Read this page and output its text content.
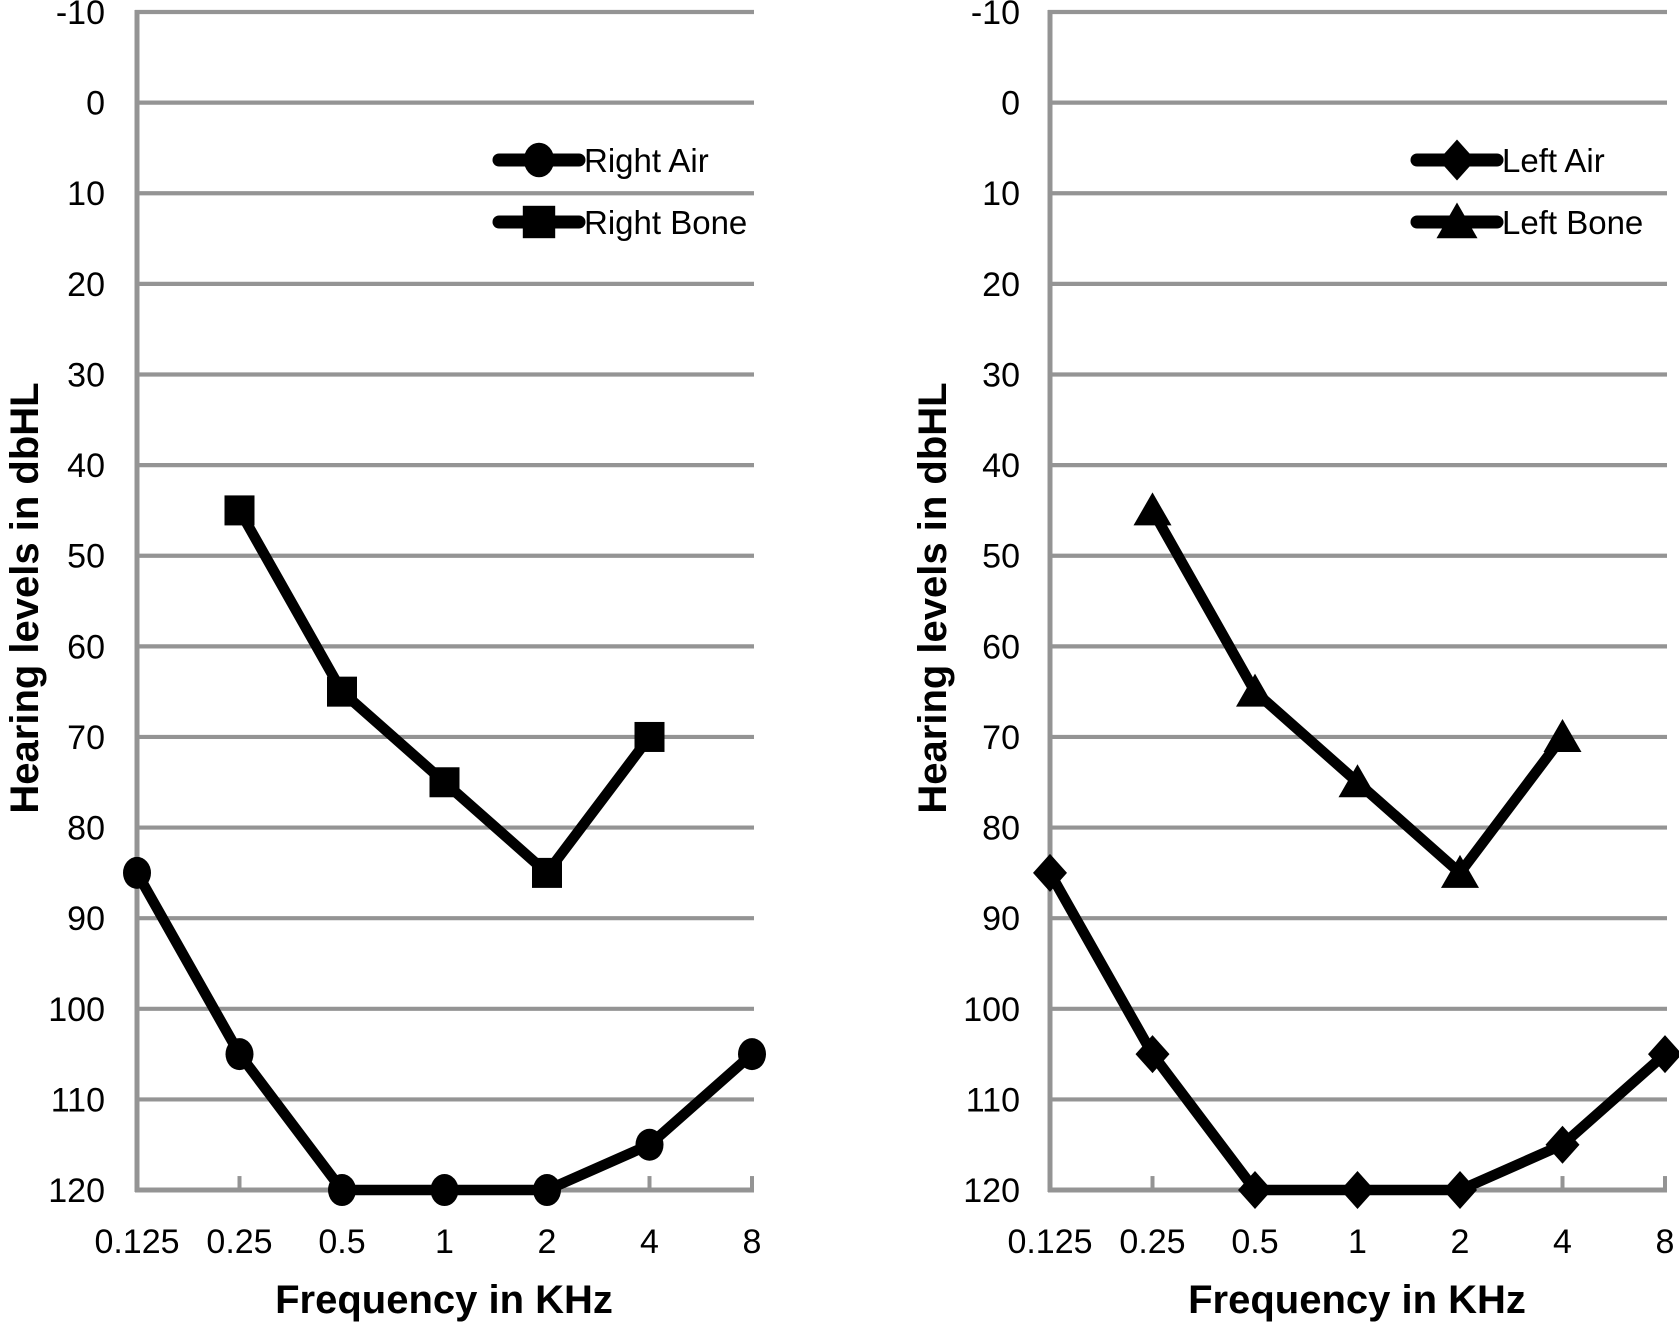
-10
0
10
20
30
40
50
60
70
80
90
100
110
120
0.125 0.25 0.5 1 2 4 8
-10
0
10
20
30
40
50
60
70
80
90
100
110
120
0.125 0.25 0.5 1 2 4 8
Hearing levels in dbHL	Hearing levels in dbHL
Frequency in KHz	Frequency in KHz
Right Air
Right Bone
Left Air
Left Bone
